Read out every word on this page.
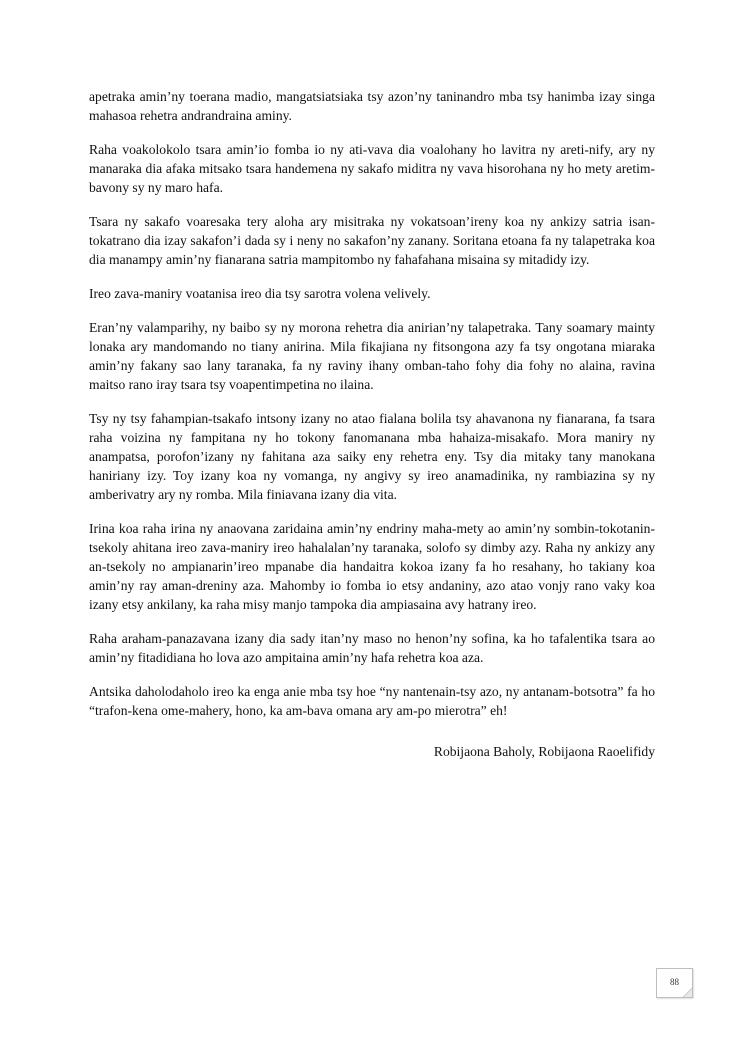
apetraka amin’ny toerana madio, mangatsiatsiaka tsy azon’ny taninandro mba tsy hanimba izay singa mahasoa rehetra andrandraina aminy.

Raha voakolokolo tsara amin’io fomba io ny ati-vava dia voalohany ho lavitra ny areti-nify, ary ny manaraka dia afaka mitsako tsara handemena ny sakafo miditra ny vava hisorohana ny ho mety aretim-bavony sy ny maro hafa.

Tsara ny sakafo voaresaka tery aloha ary misitraka ny vokatsoan’ireny koa ny ankizy satria isan-tokatrano dia izay sakafon’i dada sy i neny no sakafon’ny zanany. Soritana etoana fa ny talapetraka koa dia manampy amin’ny fianarana satria mampitombo ny fahafahana misaina sy mitadidy izy.

Ireo zava-maniry voatanisa ireo dia tsy sarotra volena velively.

Eran’ny valamparihy, ny baibo sy ny morona rehetra dia anirian’ny talapetraka. Tany soamary mainty lonaka ary mandomando no tiany anirina. Mila fikajiana ny fitsongona azy fa tsy ongotana miaraka amin’ny fakany sao lany taranaka, fa ny raviny ihany omban-taho fohy dia fohy no alaina, ravina maitso rano iray tsara tsy voapentimpetina no ilaina.

Tsy ny tsy fahampian-tsakafo intsony izany no atao fialana bolila tsy ahavanona ny fianarana, fa tsara raha voizina ny fampitana ny ho tokony fanomanana mba hahaiza-misakafo. Mora maniry ny anampatsa, porofon’izany ny fahitana aza saiky eny rehetra eny. Tsy dia mitaky tany manokana haniriany izy. Toy izany koa ny vomanga, ny angivy sy ireo anamadinika, ny rambiazina sy ny amberivatry ary ny romba. Mila finiavana izany dia vita.

Irina koa raha irina ny anaovana zaridaina amin’ny endriny maha-mety ao amin’ny sombin-tokotanin-tsekoly ahitana ireo zava-maniry ireo hahalalan’ny taranaka, solofo sy dimby azy. Raha ny ankizy any an-tsekoly no ampianarin’ireo mpanabe dia handaitra kokoa izany fa ho resahany, ho takiany koa amin’ny ray aman-dreniny aza. Mahomby io fomba io etsy andaniny, azo atao vonjy rano vaky koa izany etsy ankilany, ka raha misy manjo tampoka dia ampiasaina avy hatrany ireo.

Raha araham-panazavana izany dia sady itan’ny maso no henon’ny sofina, ka ho tafalentika tsara ao amin’ny fitadidiana ho lova azo ampitaina amin’ny hafa rehetra koa aza.

Antsika daholodaholo ireo ka enga anie mba tsy hoe “ny nantenain-tsy azo, ny antanam-botsotra” fa ho “trafon-kena ome-mahery, hono, ka am-bava omana ary am-po mierotra” eh!

Robijaona Baholy, Robijaona Raoelifidy

88
